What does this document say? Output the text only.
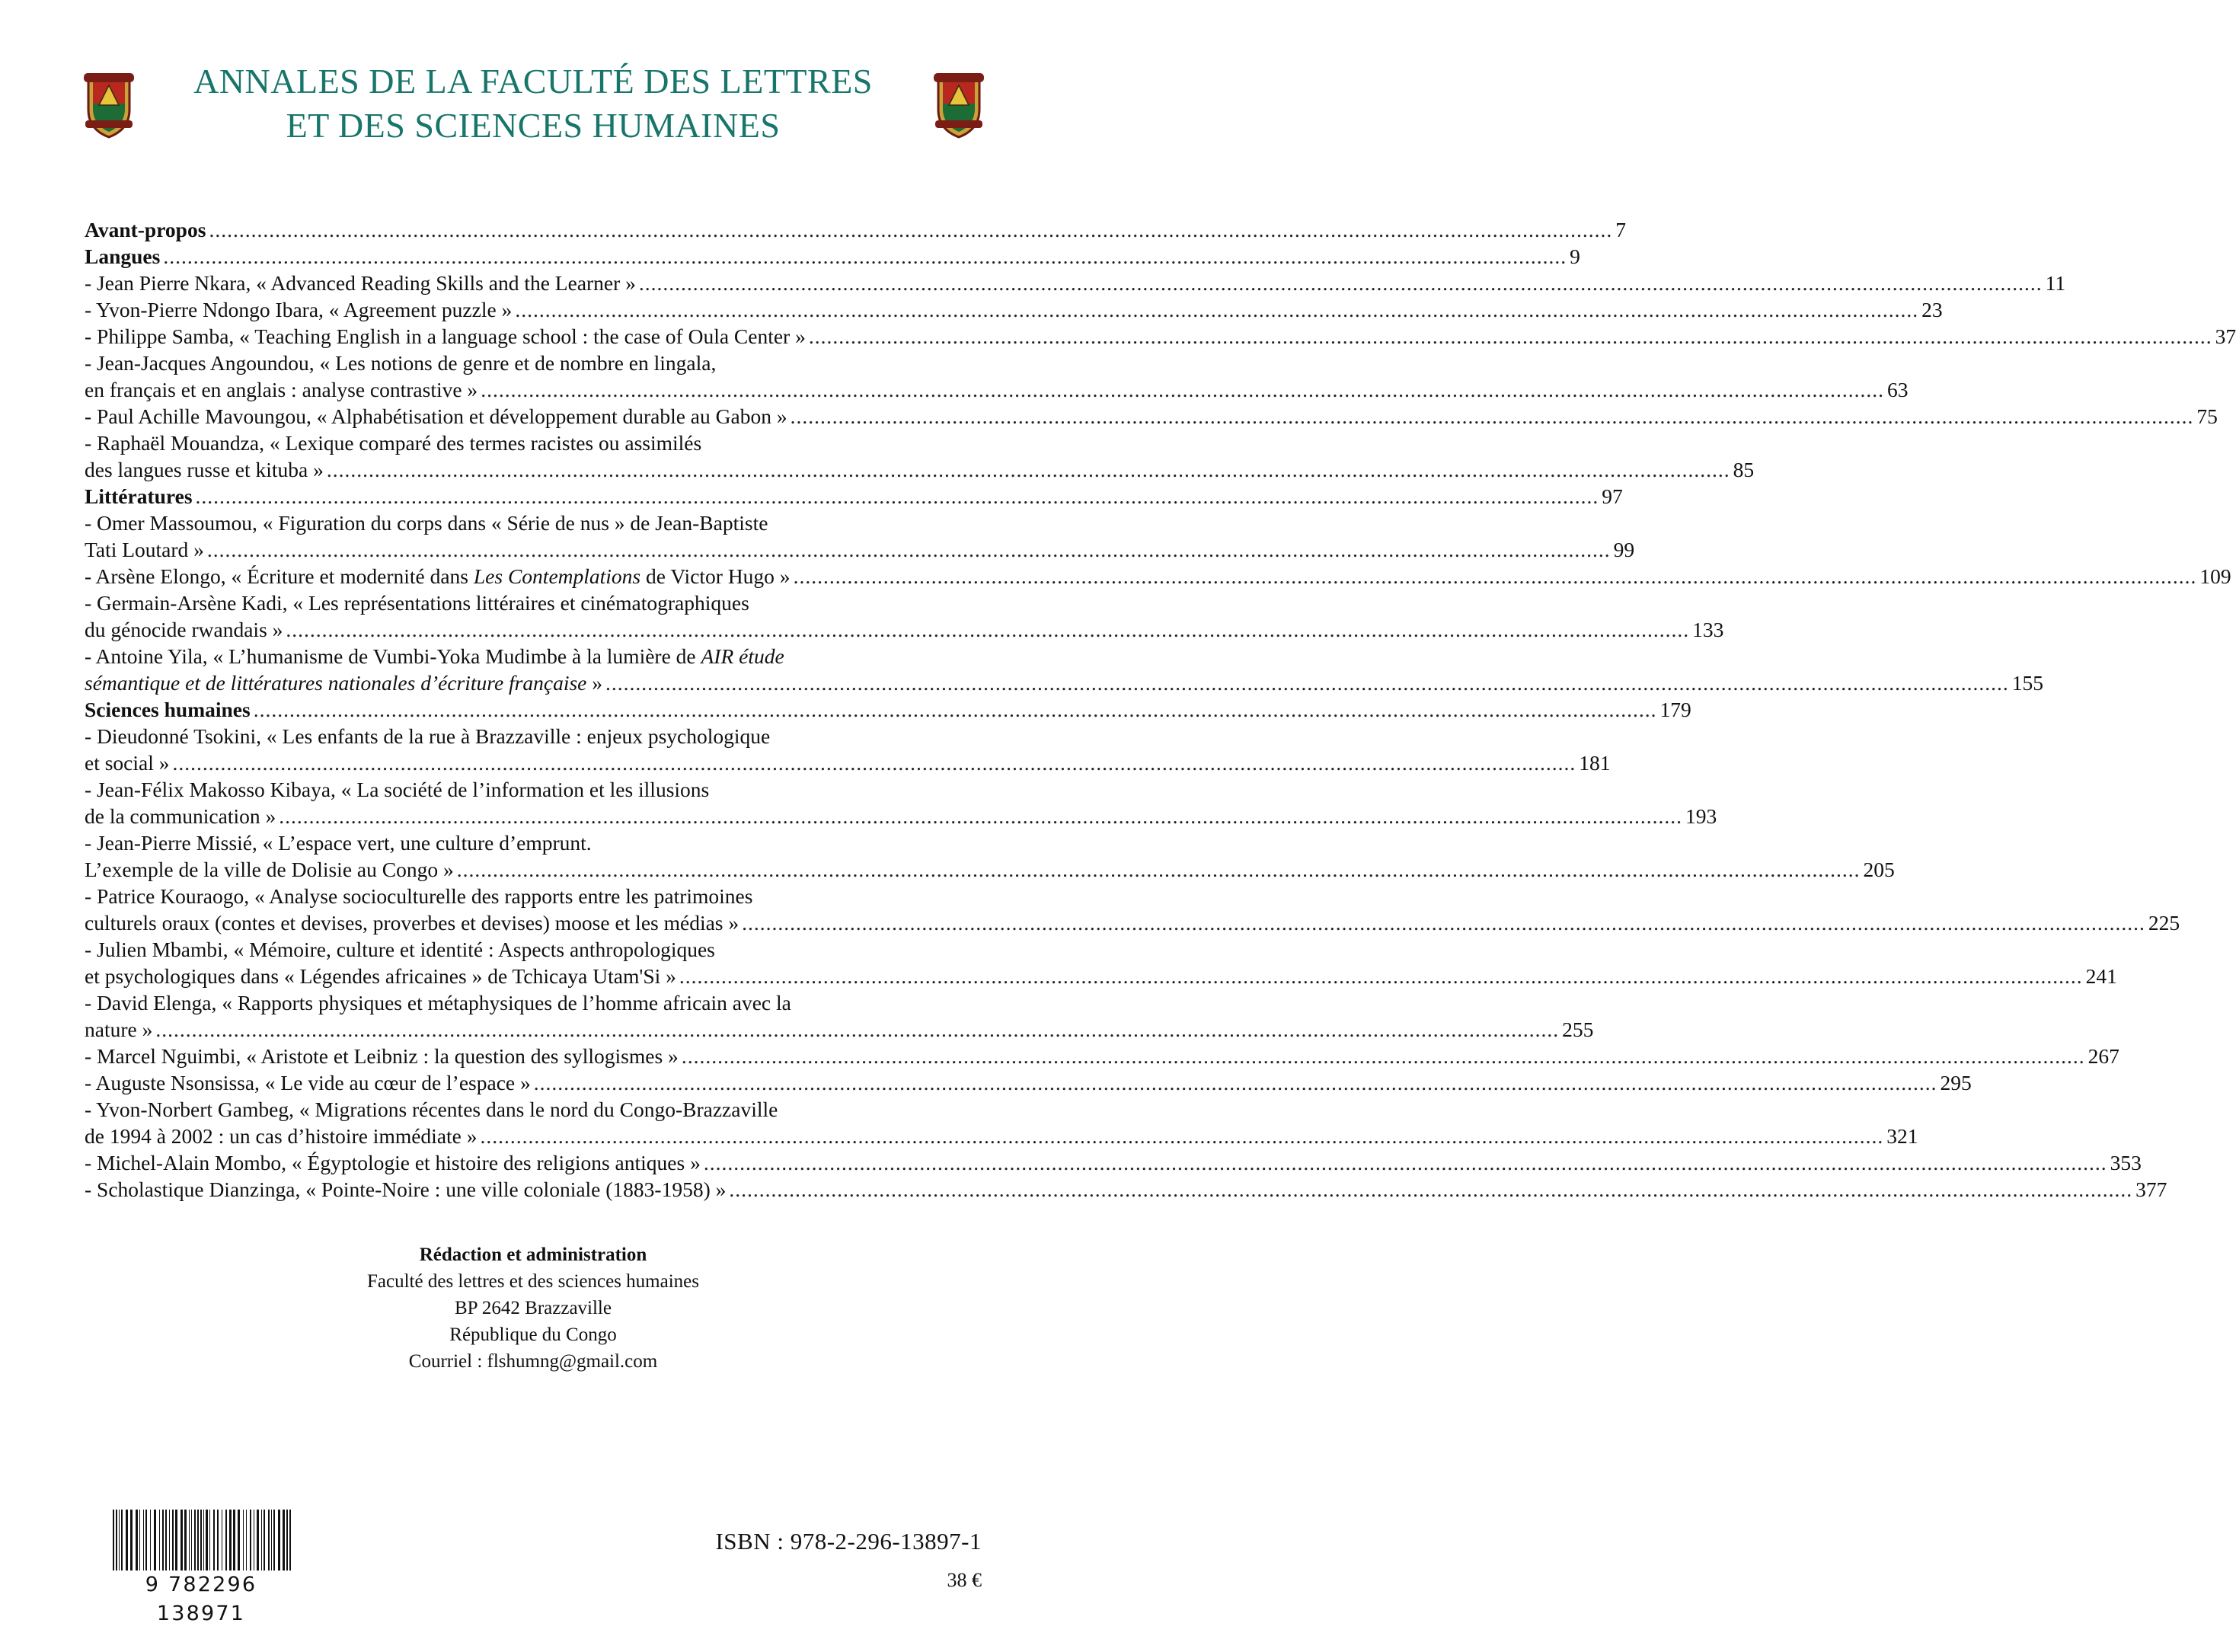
ANNALES DE LA FACULTÉ DES LETTRES
ET DES SCIENCES HUMAINES
Avant-propos .....	7
Langues .....	9
- Jean Pierre Nkara, « Advanced Reading Skills and the Learner » .....	11
- Yvon-Pierre Ndongo Ibara, « Agreement puzzle » .....	23
- Philippe Samba, « Teaching English in a language school : the case of Oula Center » .....	37
- Jean-Jacques Angoundou, « Les notions de genre et de nombre en lingala,
en français et en anglais : analyse contrastive » .....	63
- Paul Achille Mavoungou, « Alphabétisation et développement durable au Gabon » .....	75
- Raphaël Mouandza, « Lexique comparé des termes racistes ou assimilés
des langues russe et kituba » .....	85
Littératures .....	97
- Omer Massoumou, « Figuration du corps dans « Série de nus » de Jean-Baptiste
Tati Loutard » .....	99
- Arsène Elongo, « Écriture et modernité dans Les Contemplations de Victor Hugo » .....	109
- Germain-Arsène Kadi, « Les représentations littéraires et cinématographiques
du génocide rwandais » .....	133
- Antoine Yila, « L’humanisme de Vumbi-Yoka Mudimbe à la lumière de AIR étude
sémantique et de littératures nationales d’écriture française » .....	155
Sciences humaines .....	179
- Dieudonné Tsokini, « Les enfants de la rue à Brazzaville : enjeux psychologique
et social » .....	181
- Jean-Félix Makosso Kibaya, « La société de l’information et les illusions
de la communication » .....	193
- Jean-Pierre Missié, « L’espace vert, une culture d’emprunt.
L’exemple de la ville de Dolisie au Congo » .....	205
- Patrice Kouraogo, « Analyse socioculturelle des rapports entre les patrimoines
culturels oraux (contes et devises, proverbes et devises) moose et les médias » .....	225
- Julien Mbambi, « Mémoire, culture et identité : Aspects anthropologiques
et psychologiques dans « Légendes africaines » de Tchicaya Utam'Si » .....	241
- David Elenga, « Rapports physiques et métaphysiques de l’homme africain avec la
nature » .....	255
- Marcel Nguimbi, « Aristote et Leibniz : la question des syllogismes » .....	267
- Auguste Nsonsissa, « Le vide au cœur de l’espace » .....	295
- Yvon-Norbert Gambeg, « Migrations récentes dans le nord du Congo-Brazzaville
de 1994 à 2002 : un cas d’histoire immédiate » .....	321
- Michel-Alain Mombo, « Égyptologie et histoire des religions antiques » .....	353
- Scholastique Dianzinga, « Pointe-Noire : une ville coloniale (1883-1958) » .....	377
Rédaction et administration
Faculté des lettres et des sciences humaines
BP 2642 Brazzaville
République du Congo
Courriel : flshumng@gmail.com
9 782296 138971
ISBN : 978-2-296-13897-1
38 €
